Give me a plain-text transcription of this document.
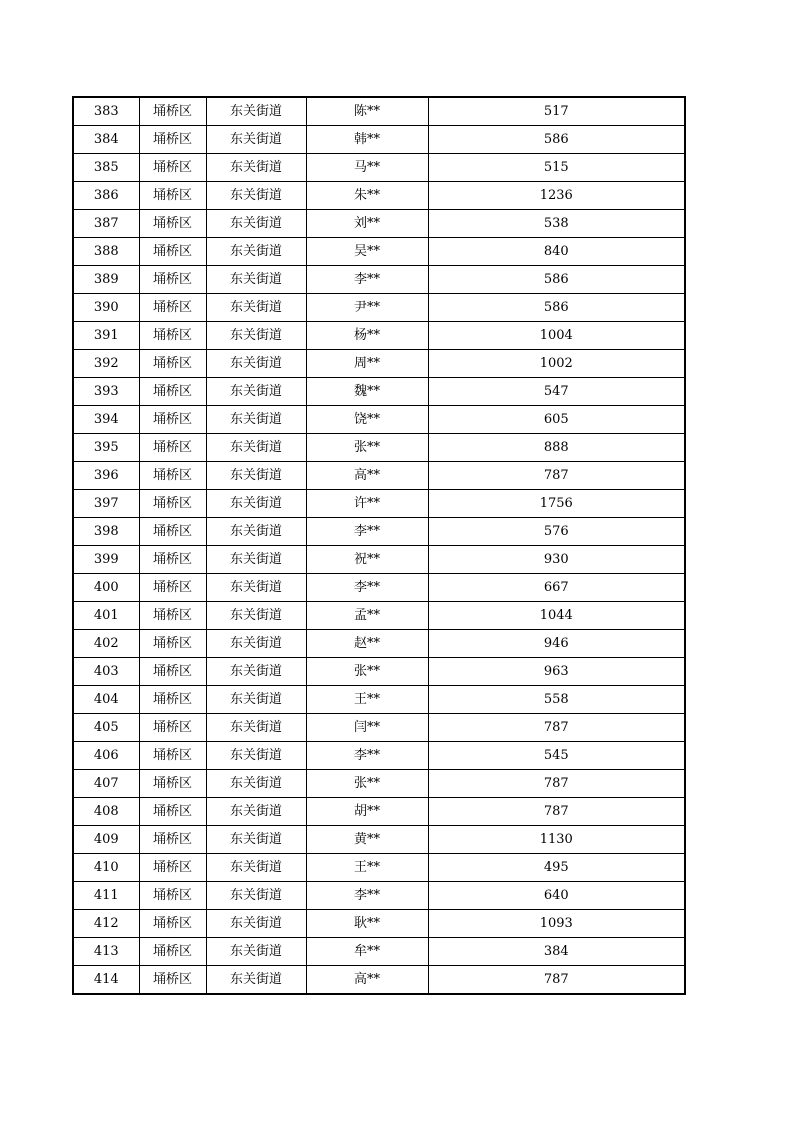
383	埇桥区	东关街道	陈**	517
384	埇桥区	东关街道	韩**	586
385	埇桥区	东关街道	马**	515
386	埇桥区	东关街道	朱**	1236
387	埇桥区	东关街道	刘**	538
388	埇桥区	东关街道	吴**	840
389	埇桥区	东关街道	李**	586
390	埇桥区	东关街道	尹**	586
391	埇桥区	东关街道	杨**	1004
392	埇桥区	东关街道	周**	1002
393	埇桥区	东关街道	魏**	547
394	埇桥区	东关街道	饶**	605
395	埇桥区	东关街道	张**	888
396	埇桥区	东关街道	高**	787
397	埇桥区	东关街道	许**	1756
398	埇桥区	东关街道	李**	576
399	埇桥区	东关街道	祝**	930
400	埇桥区	东关街道	李**	667
401	埇桥区	东关街道	孟**	1044
402	埇桥区	东关街道	赵**	946
403	埇桥区	东关街道	张**	963
404	埇桥区	东关街道	王**	558
405	埇桥区	东关街道	闫**	787
406	埇桥区	东关街道	李**	545
407	埇桥区	东关街道	张**	787
408	埇桥区	东关街道	胡**	787
409	埇桥区	东关街道	黄**	1130
410	埇桥区	东关街道	王**	495
411	埇桥区	东关街道	李**	640
412	埇桥区	东关街道	耿**	1093
413	埇桥区	东关街道	牟**	384
414	埇桥区	东关街道	高**	787
